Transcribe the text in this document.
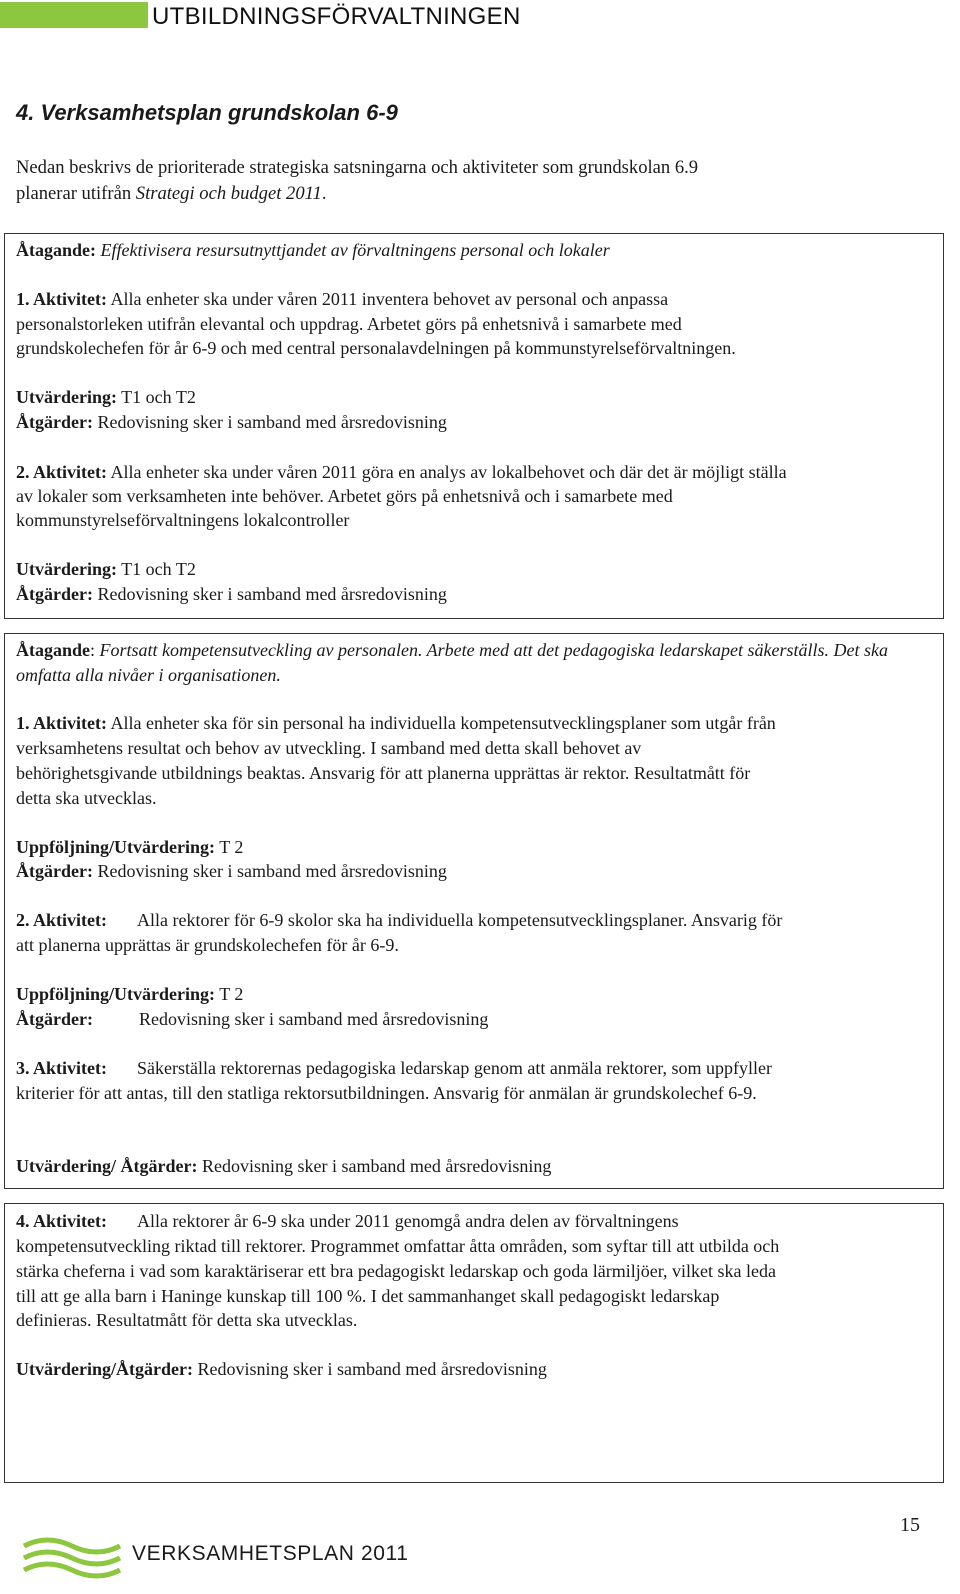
UTBILDNINGSFÖRVALTNINGEN
4. Verksamhetsplan grundskolan 6-9
Nedan beskrivs de prioriterade strategiska satsningarna och aktiviteter som grundskolan 6.9
planerar utifrån Strategi och budget 2011.
Åtagande: Effektivisera resursutnyttjandet av förvaltningens personal och lokaler
1. Aktivitet: Alla enheter ska under våren 2011 inventera behovet av personal och anpassa
personalstorleken utifrån elevantal och uppdrag. Arbetet görs på enhetsnivå i samarbete med
grundskolechefen för år 6-9 och med central personalavdelningen på kommunstyrelseförvaltningen.
Utvärdering: T1 och T2
Åtgärder: Redovisning sker i samband med årsredovisning
2. Aktivitet: Alla enheter ska under våren 2011 göra en analys av lokalbehovet och där det är möjligt ställa
av lokaler som verksamheten inte behöver. Arbetet görs på enhetsnivå och i samarbete med
kommunstyrelseförvaltningens lokalcontroller
Utvärdering: T1 och T2
Åtgärder: Redovisning sker i samband med årsredovisning
Åtagande: Fortsatt kompetensutveckling av personalen. Arbete med att det pedagogiska ledarskapet säkerställs. Det ska
omfatta alla nivåer i organisationen.
1. Aktivitet: Alla enheter ska för sin personal ha individuella kompetensutvecklingsplaner som utgår från
verksamhetens resultat och behov av utveckling. I samband med detta skall behovet av
behörighetsgivande utbildnings beaktas. Ansvarig för att planerna upprättas är rektor. Resultatmått för
detta ska utvecklas.
Uppföljning/Utvärdering: T 2
Åtgärder: Redovisning sker i samband med årsredovisning
2. Aktivitet: Alla rektorer för 6-9 skolor ska ha individuella kompetensutvecklingsplaner. Ansvarig för
att planerna upprättas är grundskolechefen för år 6-9.
Uppföljning/Utvärdering: T 2
Åtgärder:	Redovisning sker i samband med årsredovisning
3. Aktivitet: Säkerställa rektorernas pedagogiska ledarskap genom att anmäla rektorer, som uppfyller
kriterier för att antas, till den statliga rektorsutbildningen. Ansvarig för anmälan är grundskolechef 6-9.
Utvärdering/ Åtgärder: Redovisning sker i samband med årsredovisning
4. Aktivitet: Alla rektorer år 6-9 ska under 2011 genomgå andra delen av förvaltningens
kompetensutveckling riktad till rektorer. Programmet omfattar åtta områden, som syftar till att utbilda och
stärka cheferna i vad som karaktäriserar ett bra pedagogiskt ledarskap och goda lärmiljöer, vilket ska leda
till att ge alla barn i Haninge kunskap till 100 %. I det sammanhanget skall pedagogiskt ledarskap
definieras. Resultatmått för detta ska utvecklas.
Utvärdering/Åtgärder: Redovisning sker i samband med årsredovisning
15
VERKSAMHETSPLAN 2011
